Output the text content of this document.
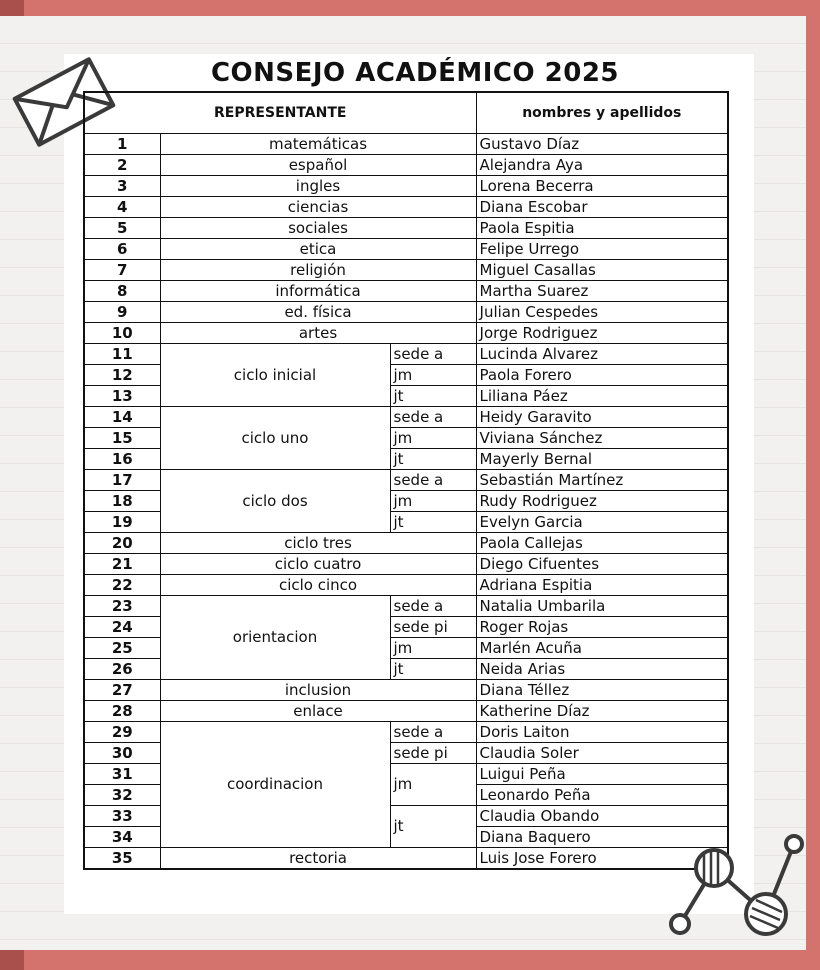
CONSEJO ACADÉMICO 2025
REPRESENTANTE			nombres y apellidos
1	matemáticas		Gustavo Díaz
2	español		Alejandra Aya
3	ingles		Lorena Becerra
4	ciencias		Diana Escobar
5	sociales		Paola Espitia
6	etica		Felipe Urrego
7	religión		Miguel Casallas
8	informática		Martha Suarez
9	ed. física		Julian Cespedes
10	artes		Jorge Rodriguez
11	ciclo inicial	sede a	Lucinda Alvarez
12		jm	Paola Forero
13		jt	Liliana Páez
14	ciclo uno	sede a	Heidy Garavito
15		jm	Viviana Sánchez
16		jt	Mayerly Bernal
17	ciclo dos	sede a	Sebastián Martínez
18		jm	Rudy Rodriguez
19		jt	Evelyn Garcia
20	ciclo tres		Paola Callejas
21	ciclo cuatro		Diego Cifuentes
22	ciclo cinco		Adriana Espitia
23	orientacion	sede a	Natalia Umbarila
24		sede pi	Roger Rojas
25		jm	Marlén Acuña
26		jt	Neida Arias
27	inclusion		Diana Téllez
28	enlace		Katherine Díaz
29	coordinacion	sede a	Doris Laiton
30		sede pi	Claudia Soler
31		jm	Luigui Peña
32			Leonardo Peña
33		jt	Claudia Obando
34			Diana Baquero
35	rectoria		Luis Jose Forero
